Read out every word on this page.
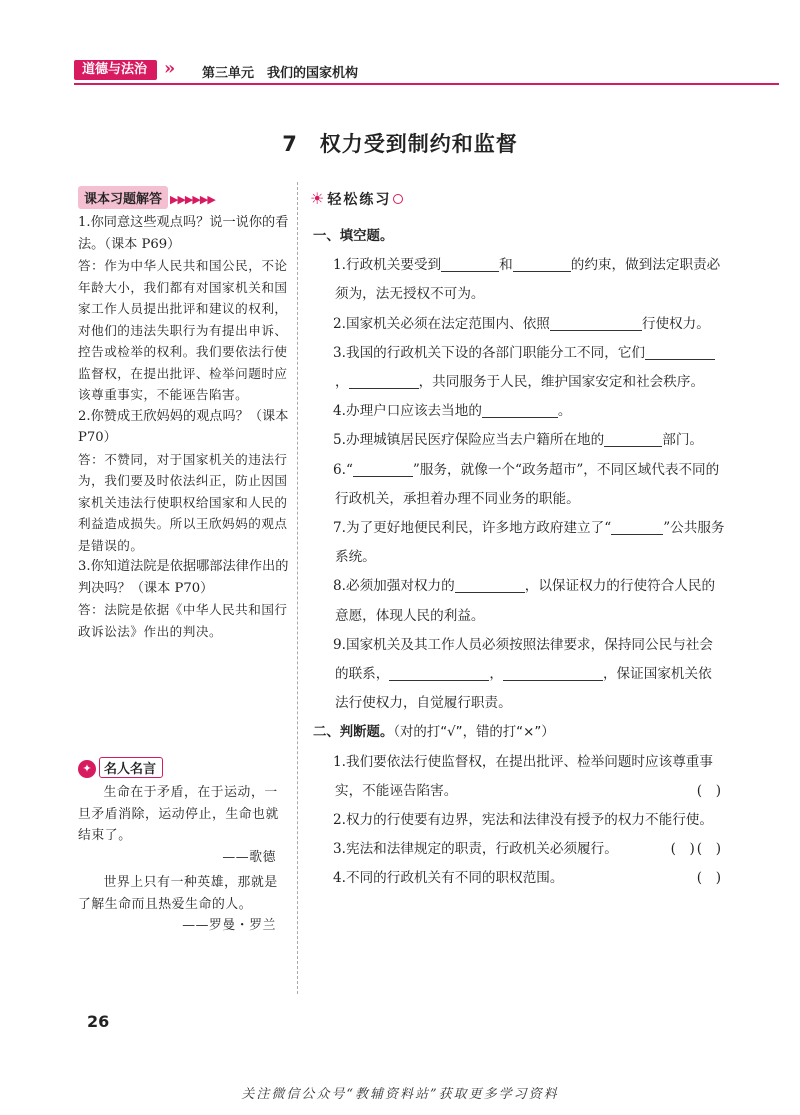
道德与法治 » 第三单元　我们的国家机构
7　权力受到制约和监督
课本习题解答 ▶▶▶▶▶▶

1.你同意这些观点吗？说一说你的看法。（课本 P69）

答：作为中华人民共和国公民，不论年龄大小，我们都有对国家机关和国家工作人员提出批评和建议的权利，对他们的违法失职行为有提出申诉、控告或检举的权利。我们要依法行使监督权，在提出批评、检举问题时应该尊重事实，不能诬告陷害。

2.你赞成王欣妈妈的观点吗？（课本 P70）

答：不赞同，对于国家机关的违法行为，我们要及时依法纠正，防止因国家机关违法行使职权给国家和人民的利益造成损失。所以王欣妈妈的观点是错误的。

3.你知道法院是依据哪部法律作出的判决吗？（课本 P70）

答：法院是依据《中华人民共和国行政诉讼法》作出的判决。

✦ 名人名言

生命在于矛盾，在于运动，一旦矛盾消除，运动停止，生命也就结束了。

——歌德

世界上只有一种英雄，那就是了解生命而且热爱生命的人。

——罗曼・罗兰

☀ 轻松练习

一、填空题。

1.行政机关要受到	和	的约束，做到法定职责必须为，法无授权不可为。

2.国家机关必须在法定范围内、依照	行使权力。

3.我国的行政机关下设的各部门职能分工不同，它们，	，共同服务于人民，维护国家安定和社会秩序。

4.办理户口应该去当地的	。

5.办理城镇居民医疗保险应当去户籍所在地的	部门。

6.“	”服务，就像一个“政务超市”，不同区域代表不同的行政机关，承担着办理不同业务的职能。

7.为了更好地便民利民，许多地方政府建立了“	”公共服务系统。

8.必须加强对权力的	，以保证权力的行使符合人民的意愿，体现人民的利益。

9.国家机关及其工作人员必须按照法律要求，保持同公民与社会的联系，	，	，保证国家机关依法行使权力，自觉履行职责。

二、判断题。（对的打“√”，错的打“×”）

1.我们要依法行使监督权，在提出批评、检举问题时应该尊重事实，不能诬告陷害。	(　)

2.权力的行使要有边界，宪法和法律没有授予的权力不能行使。
(　)

3.宪法和法律规定的职责，行政机关必须履行。	(　)

4.不同的行政机关有不同的职权范围。	(　)

26
关注微信公众号“教辅资料站”获取更多学习资料
